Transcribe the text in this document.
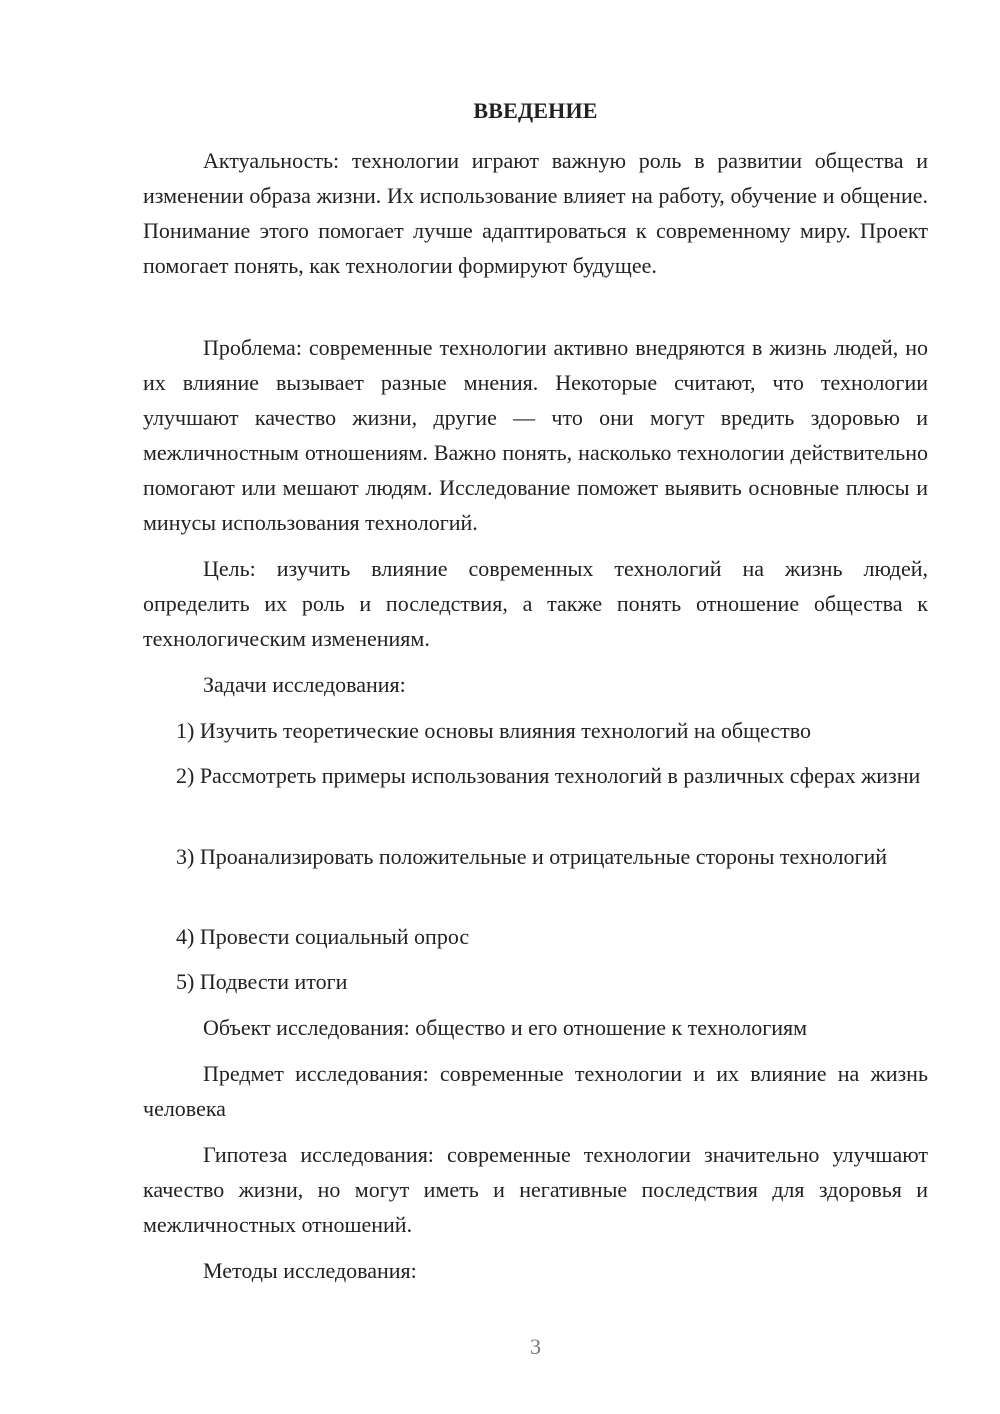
ВВЕДЕНИЕ

Актуальность: технологии играют важную роль в развитии общества и изменении образа жизни. Их использование влияет на работу, обучение и общение. Понимание этого помогает лучше адаптироваться к современному миру. Проект помогает понять, как технологии формируют будущее.

Проблема: современные технологии активно внедряются в жизнь людей, но их влияние вызывает разные мнения. Некоторые считают, что технологии улучшают качество жизни, другие — что они могут вредить здоровью и межличностным отношениям. Важно понять, насколько технологии действительно помогают или мешают людям. Исследование поможет выявить основные плюсы и минусы использования технологий.

Цель: изучить влияние современных технологий на жизнь людей, определить их роль и последствия, а также понять отношение общества к технологическим изменениям.

Задачи исследования:

1) Изучить теоретические основы влияния технологий на общество

2) Рассмотреть примеры использования технологий в различных сферах жизни

3) Проанализировать положительные и отрицательные стороны технологий

4) Провести социальный опрос

5) Подвести итоги

Объект исследования: общество и его отношение к технологиям

Предмет исследования: современные технологии и их влияние на жизнь человека

Гипотеза исследования: современные технологии значительно улучшают качество жизни, но могут иметь и негативные последствия для здоровья и межличностных отношений.

Методы исследования:

3
